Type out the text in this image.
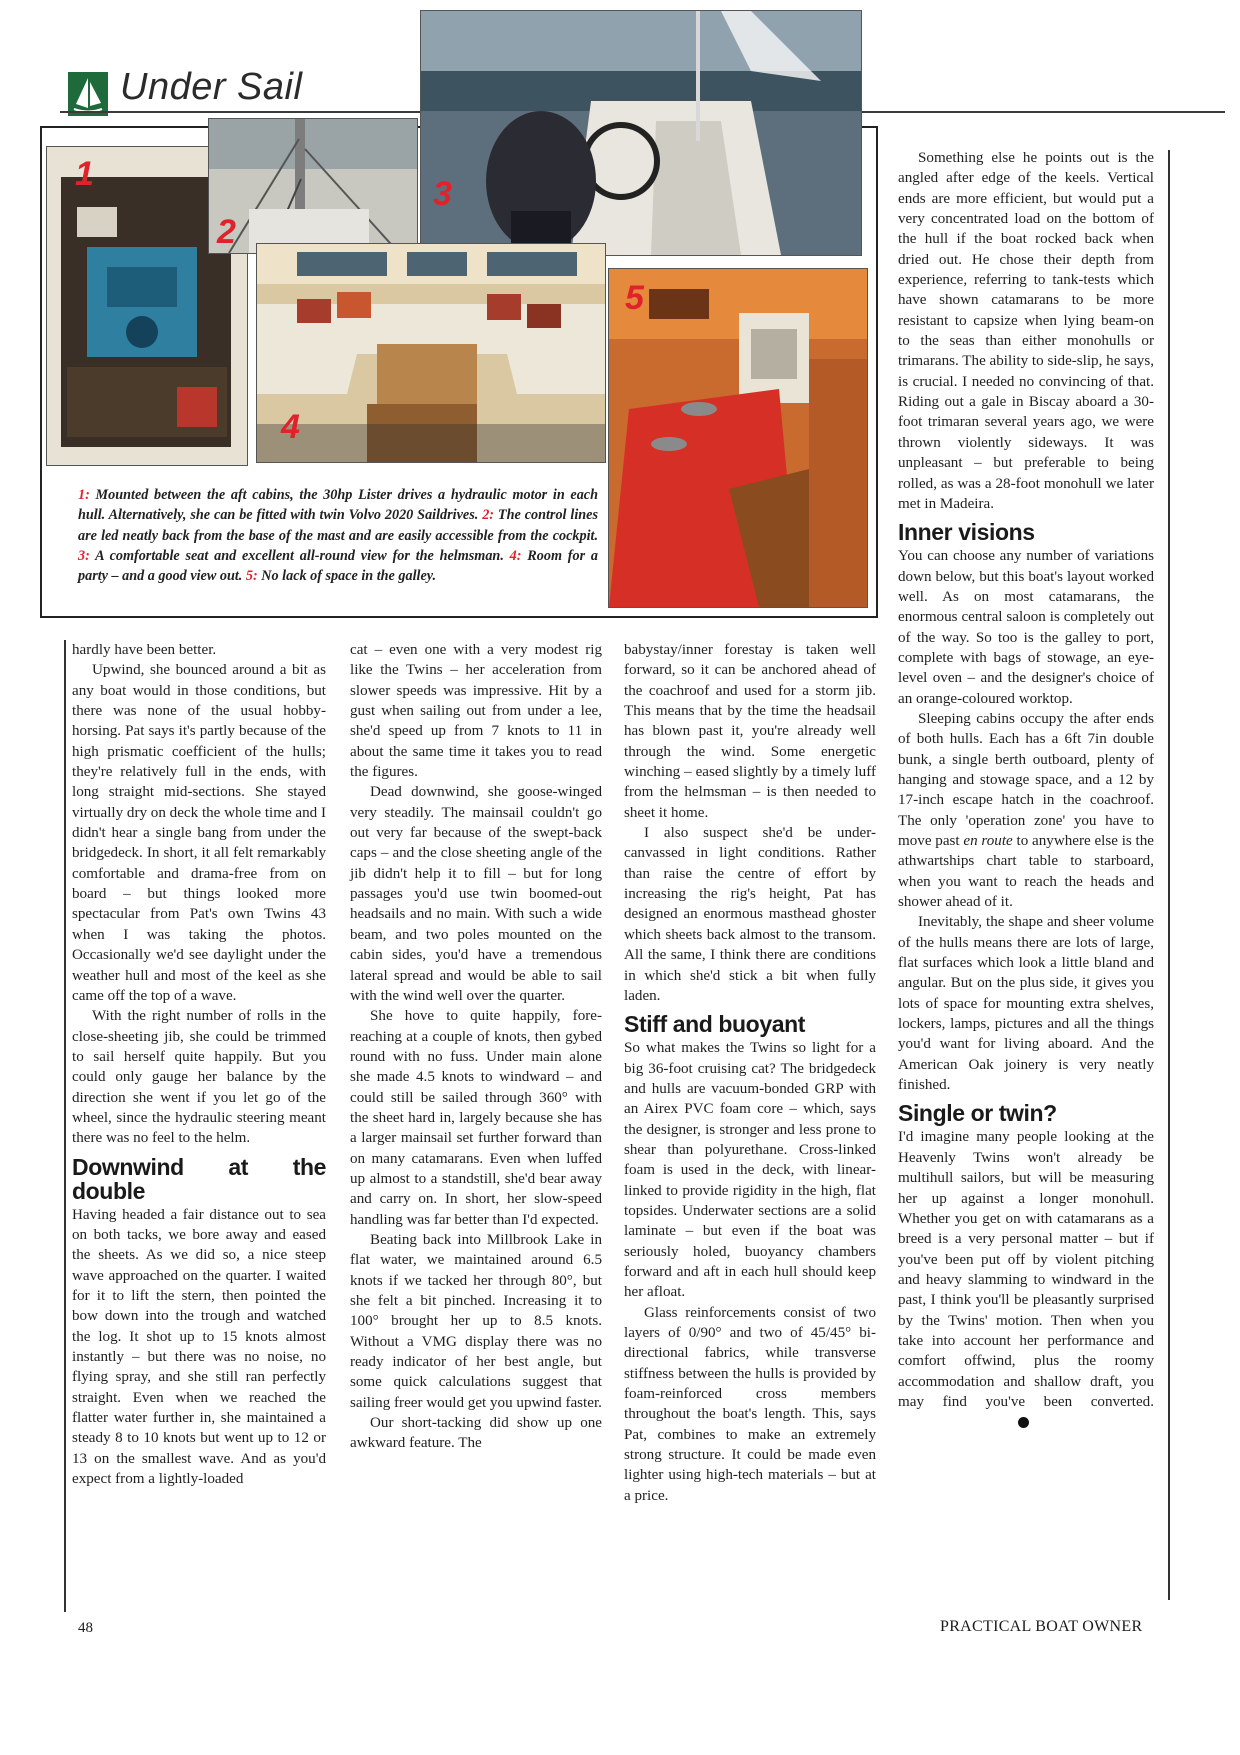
Under Sail
3
1
2
4
5
1: Mounted between the aft cabins, the 30hp Lister drives a hydraulic motor in each hull. Alternatively, she can be fitted with twin Volvo 2020 Saildrives. 2: The control lines are led neatly back from the base of the mast and are easily accessible from the cockpit. 3: A comfortable seat and excellent all-round view for the helmsman. 4: Room for a party – and a good view out. 5: No lack of space in the galley.

hardly have been better.

Upwind, she bounced around a bit as any boat would in those conditions, but there was none of the usual hobby-horsing. Pat says it's partly because of the high prismatic coefficient of the hulls; they're relatively full in the ends, with long straight mid-sections. She stayed virtually dry on deck the whole time and I didn't hear a single bang from under the bridgedeck. In short, it all felt remarkably comfortable and drama-free from on board – but things looked more spectacular from Pat's own Twins 43 when I was taking the photos. Occasionally we'd see daylight under the weather hull and most of the keel as she came off the top of a wave.

With the right number of rolls in the close-sheeting jib, she could be trimmed to sail herself quite happily. But you could only gauge her balance by the direction she went if you let go of the wheel, since the hydraulic steering meant there was no feel to the helm.

Downwind at the double

Having headed a fair distance out to sea on both tacks, we bore away and eased the sheets. As we did so, a nice steep wave approached on the quarter. I waited for it to lift the stern, then pointed the bow down into the trough and watched the log. It shot up to 15 knots almost instantly – but there was no noise, no flying spray, and she still ran perfectly straight. Even when we reached the flatter water further in, she maintained a steady 8 to 10 knots but went up to 12 or 13 on the smallest wave. And as you'd expect from a lightly-loaded

cat – even one with a very modest rig like the Twins – her acceleration from slower speeds was impressive. Hit by a gust when sailing out from under a lee, she'd speed up from 7 knots to 11 in about the same time it takes you to read the figures.

Dead downwind, she goose-winged very steadily. The mainsail couldn't go out very far because of the swept-back caps – and the close sheeting angle of the jib didn't help it to fill – but for long passages you'd use twin boomed-out headsails and no main. With such a wide beam, and two poles mounted on the cabin sides, you'd have a tremendous lateral spread and would be able to sail with the wind well over the quarter.

She hove to quite happily, fore-reaching at a couple of knots, then gybed round with no fuss. Under main alone she made 4.5 knots to windward – and could still be sailed through 360° with the sheet hard in, largely because she has a larger mainsail set further forward than on many catamarans. Even when luffed up almost to a standstill, she'd bear away and carry on. In short, her slow-speed handling was far better than I'd expected.

Beating back into Millbrook Lake in flat water, we maintained around 6.5 knots if we tacked her through 80°, but she felt a bit pinched. Increasing it to 100° brought her up to 8.5 knots. Without a VMG display there was no ready indicator of her best angle, but some quick calculations suggest that sailing freer would get you upwind faster.

Our short-tacking did show up one awkward feature. The

babystay/inner forestay is taken well forward, so it can be anchored ahead of the coachroof and used for a storm jib. This means that by the time the headsail has blown past it, you're already well through the wind. Some energetic winching – eased slightly by a timely luff from the helmsman – is then needed to sheet it home.

I also suspect she'd be under-canvassed in light conditions. Rather than raise the centre of effort by increasing the rig's height, Pat has designed an enormous masthead ghoster which sheets back almost to the transom. All the same, I think there are conditions in which she'd stick a bit when fully laden.

Stiff and buoyant

So what makes the Twins so light for a big 36-foot cruising cat? The bridgedeck and hulls are vacuum-bonded GRP with an Airex PVC foam core – which, says the designer, is stronger and less prone to shear than polyurethane. Cross-linked foam is used in the deck, with linear-linked to provide rigidity in the high, flat topsides. Underwater sections are a solid laminate – but even if the boat was seriously holed, buoyancy chambers forward and aft in each hull should keep her afloat.

Glass reinforcements consist of two layers of 0/90° and two of 45/45° bi-directional fabrics, while transverse stiffness between the hulls is provided by foam-reinforced cross members throughout the boat's length. This, says Pat, combines to make an extremely strong structure. It could be made even lighter using high-tech materials – but at a price.

Something else he points out is the angled after edge of the keels. Vertical ends are more efficient, but would put a very concentrated load on the bottom of the hull if the boat rocked back when dried out. He chose their depth from experience, referring to tank-tests which have shown catamarans to be more resistant to capsize when lying beam-on to the seas than either monohulls or trimarans. The ability to side-slip, he says, is crucial. I needed no convincing of that. Riding out a gale in Biscay aboard a 30-foot trimaran several years ago, we were thrown violently sideways. It was unpleasant – but preferable to being rolled, as was a 28-foot monohull we later met in Madeira.

Inner visions

You can choose any number of variations down below, but this boat's layout worked well. As on most catamarans, the enormous central saloon is completely out of the way. So too is the galley to port, complete with bags of stowage, an eye-level oven – and the designer's choice of an orange-coloured worktop.

Sleeping cabins occupy the after ends of both hulls. Each has a 6ft 7in double bunk, a single berth outboard, plenty of hanging and stowage space, and a 12 by 17-inch escape hatch in the coachroof. The only 'operation zone' you have to move past en route to anywhere else is the athwartships chart table to starboard, when you want to reach the heads and shower ahead of it.

Inevitably, the shape and sheer volume of the hulls means there are lots of large, flat surfaces which look a little bland and angular. But on the plus side, it gives you lots of space for mounting extra shelves, lockers, lamps, pictures and all the things you'd want for living aboard. And the American Oak joinery is very neatly finished.

Single or twin?

I'd imagine many people looking at the Heavenly Twins won't already be multihull sailors, but will be measuring her up against a longer monohull. Whether you get on with catamarans as a breed is a very personal matter – but if you've been put off by violent pitching and heavy slamming to windward in the past, I think you'll be pleasantly surprised by the Twins' motion. Then when you take into account her performance and comfort offwind, plus the roomy accommodation and shallow draft, you may find you've been converted.

48	PRACTICAL BOAT OWNER
